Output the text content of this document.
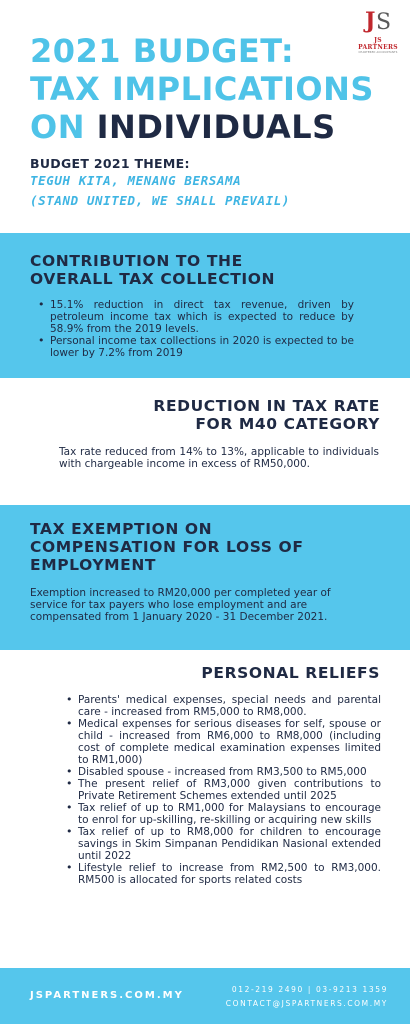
J S
JS PARTNERS
CHARTERED ACCOUNTANTS
2021 BUDGET:
TAX IMPLICATIONS
ON INDIVIDUALS
BUDGET 2021 THEME:
TEGUH KITA, MENANG BERSAMA
(STAND UNITED, WE SHALL PREVAIL)
CONTRIBUTION TO THE
OVERALL TAX COLLECTION
• 15.1% reduction in direct tax revenue, driven by petroleum income tax which is expected to reduce by 58.9% from the 2019 levels.
• Personal income tax collections in 2020 is expected to be lower by 7.2% from 2019
REDUCTION IN TAX RATE
FOR M40 CATEGORY
Tax rate reduced from 14% to 13%, applicable to individuals with chargeable income in excess of RM50,000.
TAX EXEMPTION ON
COMPENSATION FOR LOSS OF
EMPLOYMENT
Exemption increased to RM20,000 per completed year of service for tax payers who lose employment and are compensated from 1 January 2020 - 31 December 2021.
PERSONAL RELIEFS
• Parents' medical expenses, special needs and parental care - increased from RM5,000 to RM8,000.
• Medical expenses for serious diseases for self, spouse or child - increased from RM6,000 to RM8,000 (including cost of complete medical examination expenses limited to RM1,000)
• Disabled spouse - increased from RM3,500 to RM5,000
• The present relief of RM3,000 given contributions to Private Retirement Schemes extended until 2025
• Tax relief of up to RM1,000 for Malaysians to encourage to enrol for up-skilling, re-skilling or acquiring new skills
• Tax relief of up to RM8,000 for children to encourage savings in Skim Simpanan Pendidikan Nasional extended until 2022
• Lifestyle relief to increase from RM2,500 to RM3,000. RM500 is allocated for sports related costs
JSPARTNERS.COM.MY
012-219 2490 | 03-9213 1359
CONTACT@JSPARTNERS.COM.MY
